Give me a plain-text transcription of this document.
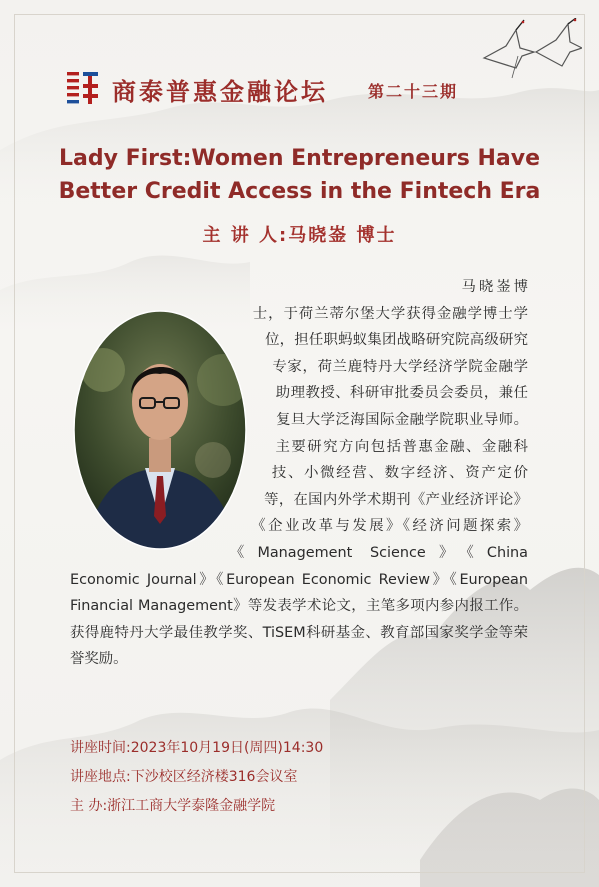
商泰普惠金融论坛	第二十三期
Lady First:Women Entrepreneurs Have
Better Credit Access in the Fintech Era
主 讲 人:马晓崟 博士
马晓崟博士，于荷兰蒂尔堡大学获得金融学博士学位，担任职蚂蚁集团战略研究院高级研究专家，荷兰鹿特丹大学经济学院金融学助理教授、科研审批委员会委员，兼任复旦大学泛海国际金融学院职业导师。主要研究方向包括普惠金融、金融科技、小微经营、数字经济、资产定价等，在国内外学术期刊《产业经济评论》《企业改革与发展》《经济问题探索》《Management Science》《China Economic Journal》《European Economic Review》《European Financial Management》等发表学术论文，主笔多项内参内报工作。获得鹿特丹大学最佳教学奖、TiSEM科研基金、教育部国家奖学金等荣誉奖励。
讲座时间:2023年10月19日(周四)14:30
讲座地点:下沙校区经济楼316会议室
主 办:浙江工商大学泰隆金融学院
